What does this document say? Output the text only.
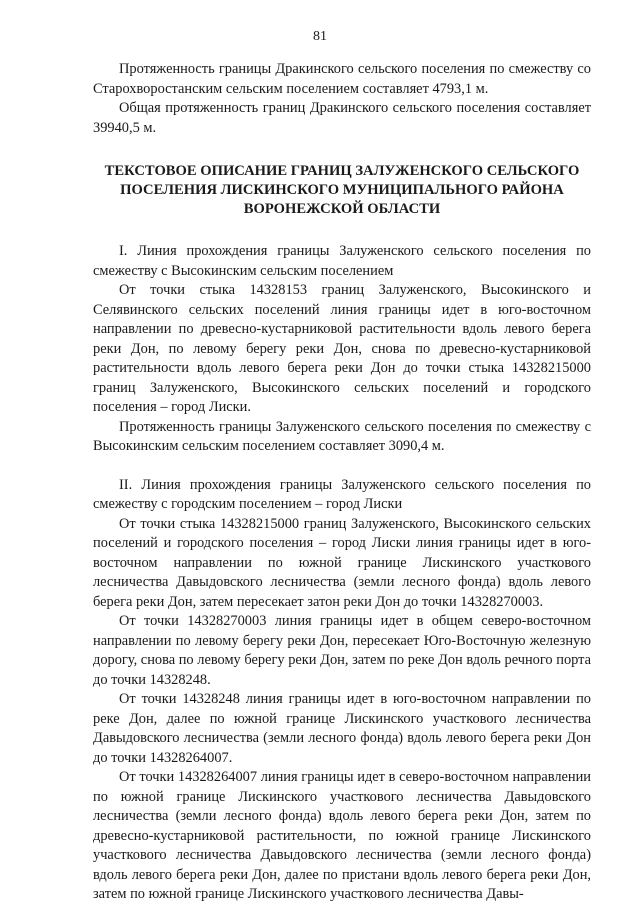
81

Протяженность границы Дракинского сельского поселения по смежеству со Старохворостанским сельским поселением составляет 4793,1 м.

Общая протяженность границ Дракинского сельского поселения составляет 39940,5 м.

ТЕКСТОВОЕ ОПИСАНИЕ ГРАНИЦ ЗАЛУЖЕНСКОГО СЕЛЬСКОГО
ПОСЕЛЕНИЯ ЛИСКИНСКОГО МУНИЦИПАЛЬНОГО РАЙОНА
ВОРОНЕЖСКОЙ ОБЛАСТИ

I. Линия прохождения границы Залуженского сельского поселения по смежеству с Высокинским сельским поселением

От точки стыка 14328153 границ Залуженского, Высокинского и Селявинского сельских поселений линия границы идет в юго-восточном направлении по древесно-кустарниковой растительности вдоль левого берега реки Дон, по левому берегу реки Дон, снова по древесно-кустарниковой растительности вдоль левого берега реки Дон до точки стыка 14328215000 границ Залуженского, Высокинского сельских поселений и городского поселения – город Лиски.

Протяженность границы Залуженского сельского поселения по смежеству с Высокинским сельским поселением составляет 3090,4 м.

II. Линия прохождения границы Залуженского сельского поселения по смежеству с городским поселением – город Лиски

От точки стыка 14328215000 границ Залуженского, Высокинского сельских поселений и городского поселения – город Лиски линия границы идет в юго-восточном направлении по южной границе Лискинского участкового лесничества Давыдовского лесничества (земли лесного фонда) вдоль левого берега реки Дон, затем пересекает затон реки Дон до точки 14328270003.

От точки 14328270003 линия границы идет в общем северо-восточном направлении по левому берегу реки Дон, пересекает Юго-Восточную железную дорогу, снова по левому берегу реки Дон, затем по реке Дон вдоль речного порта до точки 14328248.

От точки 14328248 линия границы идет в юго-восточном направлении по реке Дон, далее по южной границе Лискинского участкового лесничества Давыдовского лесничества (земли лесного фонда) вдоль левого берега реки Дон до точки 14328264007.

От точки 14328264007 линия границы идет в северо-восточном направлении по южной границе Лискинского участкового лесничества Давыдовского лесничества (земли лесного фонда) вдоль левого берега реки Дон, затем по древесно-кустарниковой растительности, по южной границе Лискинского участкового лесничества Давыдовского лесничества (земли лесного фонда) вдоль левого берега реки Дон, далее по пристани вдоль левого берега реки Дон, затем по южной границе Лискинского участкового лесничества Давы-
